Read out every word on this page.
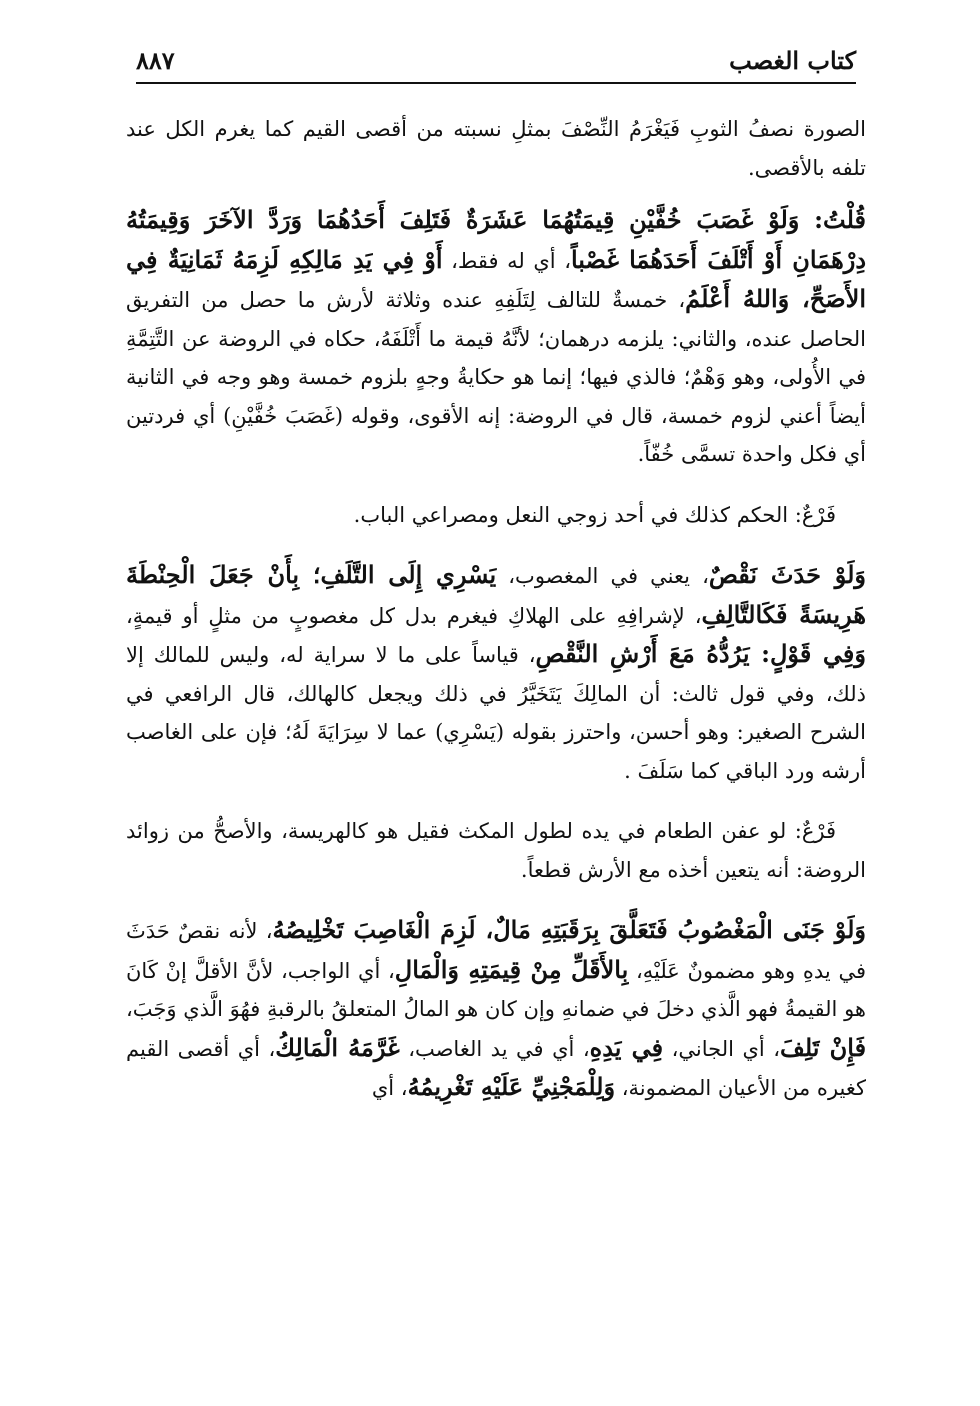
كتاب الغصب
٨٨٧

الصورة نصفُ الثوبِ فَيَغْرَمُ النِّصْفَ بمثلِ نسبته من أقصى القيم كما يغرم الكل عند تلفه بالأقصى.

قُلْتُ: وَلَوْ غَصَبَ خُفَّيْنِ قِيمَتُهُمَا عَشَرَةٌ فَتَلِفَ أَحَدُهُمَا وَرَدَّ الآخَرَ وَقِيمَتُهُ دِرْهَمَانِ أَوْ أَتْلَفَ أَحَدَهُمَا غَصْباً، أي له فقط، أَوْ فِي يَدِ مَالِكِهِ لَزِمَهُ ثَمَانِيَةٌ فِي الأَصَحِّ، وَاللهُ أَعْلَمُ، خمسةٌ للتالف لِتَلَفِهِ عنده وثلاثة لأرش ما حصل من التفريق الحاصل عنده، والثاني: يلزمه درهمان؛ لأنَّهُ قيمة ما أَتْلَفَهُ، حكاه في الروضة عن التَّتِمَّةِ في الأُولى، وهو وَهْمٌ؛ فالذي فيها؛ إنما هو حكايةُ وجهٍ بلزوم خمسة وهو وجه في الثانية أيضاً أعني لزوم خمسة، قال في الروضة: إنه الأقوى، وقوله (غَصَبَ خُفَّيْنِ) أي فردتين أي فكل واحدة تسمَّى خُفّاً.

فَرْعٌ: الحكم كذلك في أحد زوجي النعل ومصراعي الباب.

وَلَوْ حَدَثَ نَقْصٌ، يعني في المغصوب، يَسْرِي إِلَى التَّلَفِ؛ بِأَنْ جَعَلَ الْحِنْطَةَ هَرِيسَةً فَكَالتَّالِفِ، لإشرافِهِ على الهلاكِ فيغرم بدل كل مغصوبٍ من مثلٍ أو قيمةٍ، وَفِي قَوْلٍ: يَرُدُّهُ مَعَ أَرْشِ النَّقْصِ، قياساً على ما لا سراية له، وليس للمالك إلا ذلك، وفي قول ثالث: أن المالِكَ يَتَخَيَّرُ في ذلك ويجعل كالهالك، قال الرافعي في الشرح الصغير: وهو أحسن، واحترز بقوله (يَسْرِي) عما لا سِرَايَةَ لَهُ؛ فإن على الغاصب أرشه ورد الباقي كما سَلَفَ .

فَرْعٌ: لو عفن الطعام في يده لطول المكث فقيل هو كالهريسة، والأصحُّ من زوائد الروضة: أنه يتعين أخذه مع الأرش قطعاً.

وَلَوْ جَنَى الْمَغْصُوبُ فَتَعَلَّقَ بِرَقَبَتِهِ مَالٌ، لَزِمَ الْغَاصِبَ تَخْلِيصُهُ، لأنه نقصٌ حَدَثَ في يدهِ وهو مضمونٌ عَلَيْهِ، بِالأَقَلِّ مِنْ قِيمَتِهِ وَالْمَالِ، أي الواجب، لأنَّ الأقلَّ إنْ كَانَ هو القيمةُ فهو الَّذي دخلَ في ضمانهِ وإن كان هو المالُ المتعلقُ بالرقبةِ فهُوَ الَّذي وَجَبَ، فَإِنْ تَلِفَ، أي الجاني، فِي يَدِهِ، أي في يد الغاصب، غَرَّمَهُ الْمَالِكُ، أي أقصى القيم كغيره من الأعيان المضمونة، وَلِلْمَجْنِيِّ عَلَيْهِ تَغْرِيمُهُ، أي
